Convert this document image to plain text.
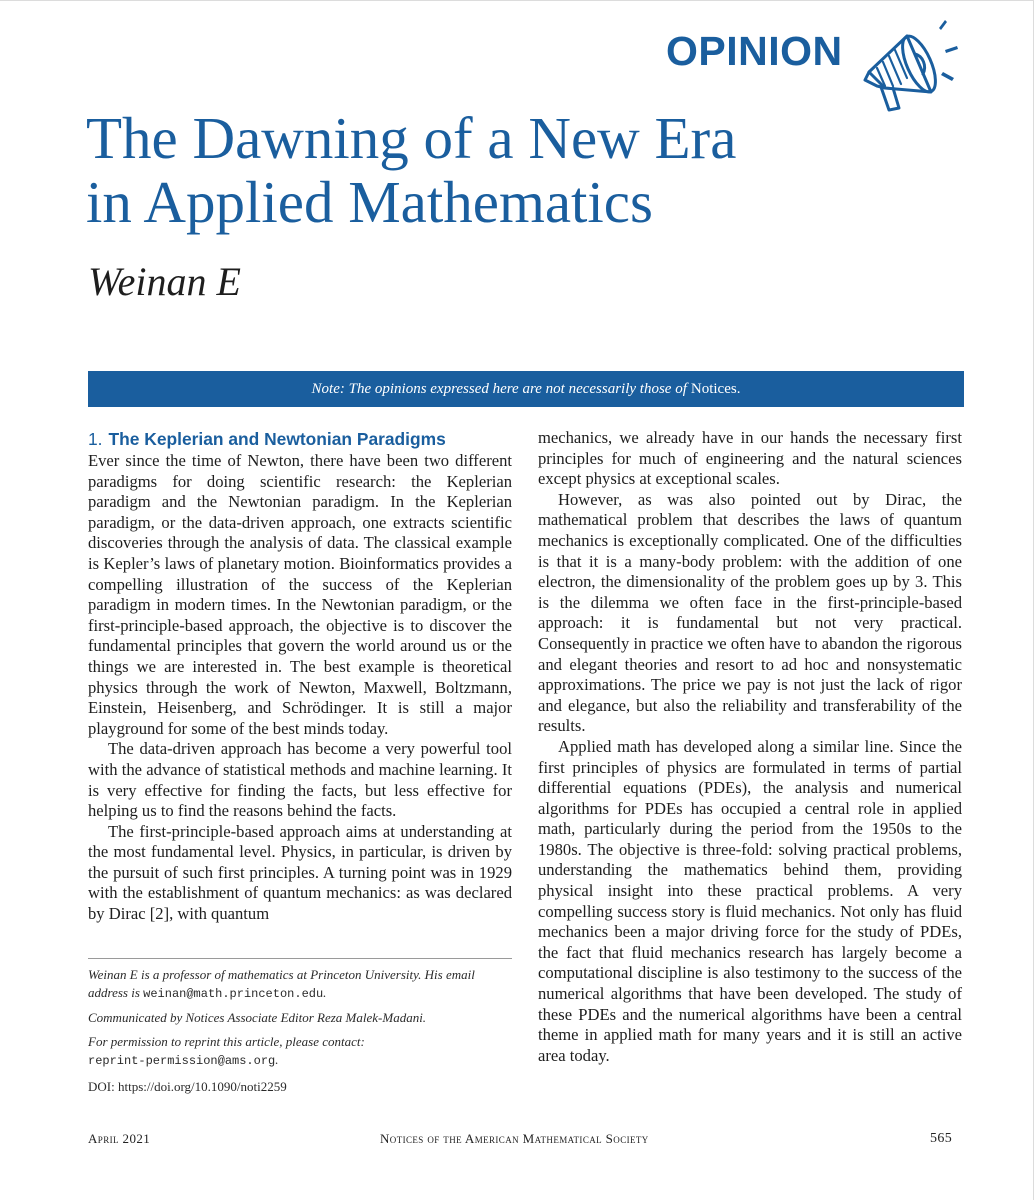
OPINION
The Dawning of a New Era
in Applied Mathematics
Weinan E
Note: The opinions expressed here are not necessarily those of Notices.
1. The Keplerian and Newtonian Paradigms

Ever since the time of Newton, there have been two different paradigms for doing scientific research: the Keplerian paradigm and the Newtonian paradigm. In the Keplerian paradigm, or the data-driven approach, one extracts scientific discoveries through the analysis of data. The classical example is Kepler’s laws of planetary motion. Bioinformatics provides a compelling illustration of the success of the Keplerian paradigm in modern times. In the Newtonian paradigm, or the first-principle-based approach, the objective is to discover the fundamental principles that govern the world around us or the things we are interested in. The best example is theoretical physics through the work of Newton, Maxwell, Boltzmann, Einstein, Heisenberg, and Schrödinger. It is still a major playground for some of the best minds today.

The data-driven approach has become a very powerful tool with the advance of statistical methods and machine learning. It is very effective for finding the facts, but less effective for helping us to find the reasons behind the facts.

The first-principle-based approach aims at understanding at the most fundamental level. Physics, in particular, is driven by the pursuit of such first principles. A turning point was in 1929 with the establishment of quantum mechanics: as was declared by Dirac [2], with quantum

mechanics, we already have in our hands the necessary first principles for much of engineering and the natural sciences except physics at exceptional scales.

However, as was also pointed out by Dirac, the mathematical problem that describes the laws of quantum mechanics is exceptionally complicated. One of the difficulties is that it is a many-body problem: with the addition of one electron, the dimensionality of the problem goes up by 3. This is the dilemma we often face in the first-principle-based approach: it is fundamental but not very practical. Consequently in practice we often have to abandon the rigorous and elegant theories and resort to ad hoc and nonsystematic approximations. The price we pay is not just the lack of rigor and elegance, but also the reliability and transferability of the results.

Applied math has developed along a similar line. Since the first principles of physics are formulated in terms of partial differential equations (PDEs), the analysis and numerical algorithms for PDEs has occupied a central role in applied math, particularly during the period from the 1950s to the 1980s. The objective is three-fold: solving practical problems, understanding the mathematics behind them, providing physical insight into these practical problems. A very compelling success story is fluid mechanics. Not only has fluid mechanics been a major driving force for the study of PDEs, the fact that fluid mechanics research has largely become a computational discipline is also testimony to the success of the numerical algorithms that have been developed. The study of these PDEs and the numerical algorithms have been a central theme in applied math for many years and it is still an active area today.

Weinan E is a professor of mathematics at Princeton University. His email address is weinan@math.princeton.edu.

Communicated by Notices Associate Editor Reza Malek-Madani.

For permission to reprint this article, please contact:
reprint-permission@ams.org.

DOI: https://doi.org/10.1090/noti2259

April 2021	Notices of the American Mathematical Society	565
